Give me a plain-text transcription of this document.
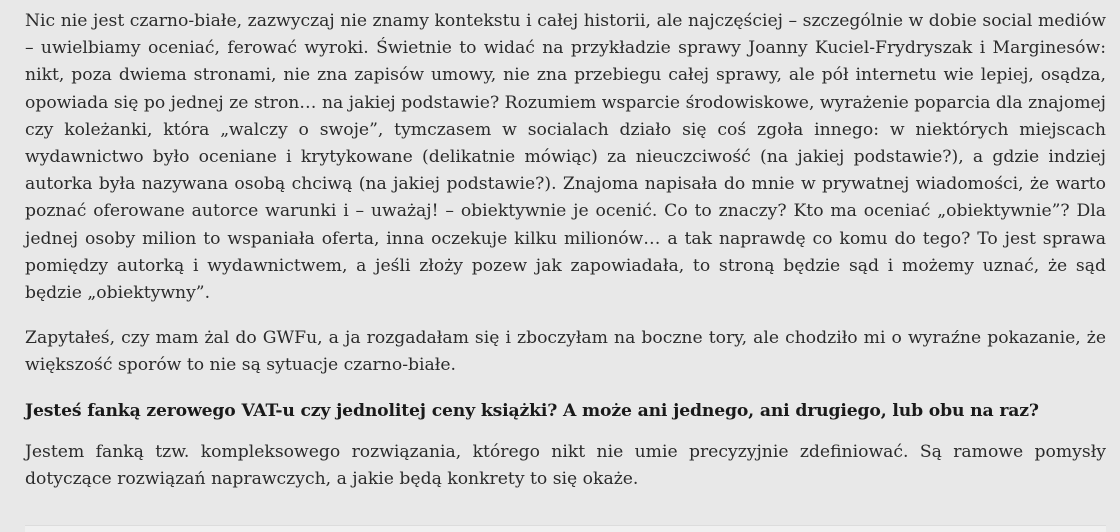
Nic nie jest czarno-białe, zazwyczaj nie znamy kontekstu i całej historii, ale najczęściej – szczególnie w dobie social mediów – uwielbiamy oceniać, ferować wyroki. Świetnie to widać na przykładzie sprawy Joanny Kuciel-Frydryszak i Marginesów: nikt, poza dwiema stronami, nie zna zapisów umowy, nie zna przebiegu całej sprawy, ale pół internetu wie lepiej, osądza, opowiada się po jednej ze stron… na jakiej podstawie? Rozumiem wsparcie środowiskowe, wyrażenie poparcia dla znajomej czy koleżanki, która „walczy o swoje”, tymczasem w socialach działo się coś zgoła innego: w niektórych miejscach wydawnictwo było oceniane i krytykowane (delikatnie mówiąc) za nieuczciwość (na jakiej podstawie?), a gdzie indziej autorka była nazywana osobą chciwą (na jakiej podstawie?). Znajoma napisała do mnie w prywatnej wiadomości, że warto poznać oferowane autorce warunki i – uważaj! – obiektywnie je ocenić. Co to znaczy? Kto ma oceniać „obiektywnie”? Dla jednej osoby milion to wspaniała oferta, inna oczekuje kilku milionów… a tak naprawdę co komu do tego? To jest sprawa pomiędzy autorką i wydawnictwem, a jeśli złoży pozew jak zapowiadała, to stroną będzie sąd i możemy uznać, że sąd będzie „obiektywny”.

Zapytałeś, czy mam żal do GWFu, a ja rozgadałam się i zboczyłam na boczne tory, ale chodziło mi o wyraźne pokazanie, że większość sporów to nie są sytuacje czarno-białe.

Jesteś fanką zerowego VAT-u czy jednolitej ceny książki? A może ani jednego, ani drugiego, lub obu na raz?

Jestem fanką tzw. kompleksowego rozwiązania, którego nikt nie umie precyzyjnie zdefiniować. Są ramowe pomysły dotyczące rozwiązań naprawczych, a jakie będą konkrety to się okaże.
